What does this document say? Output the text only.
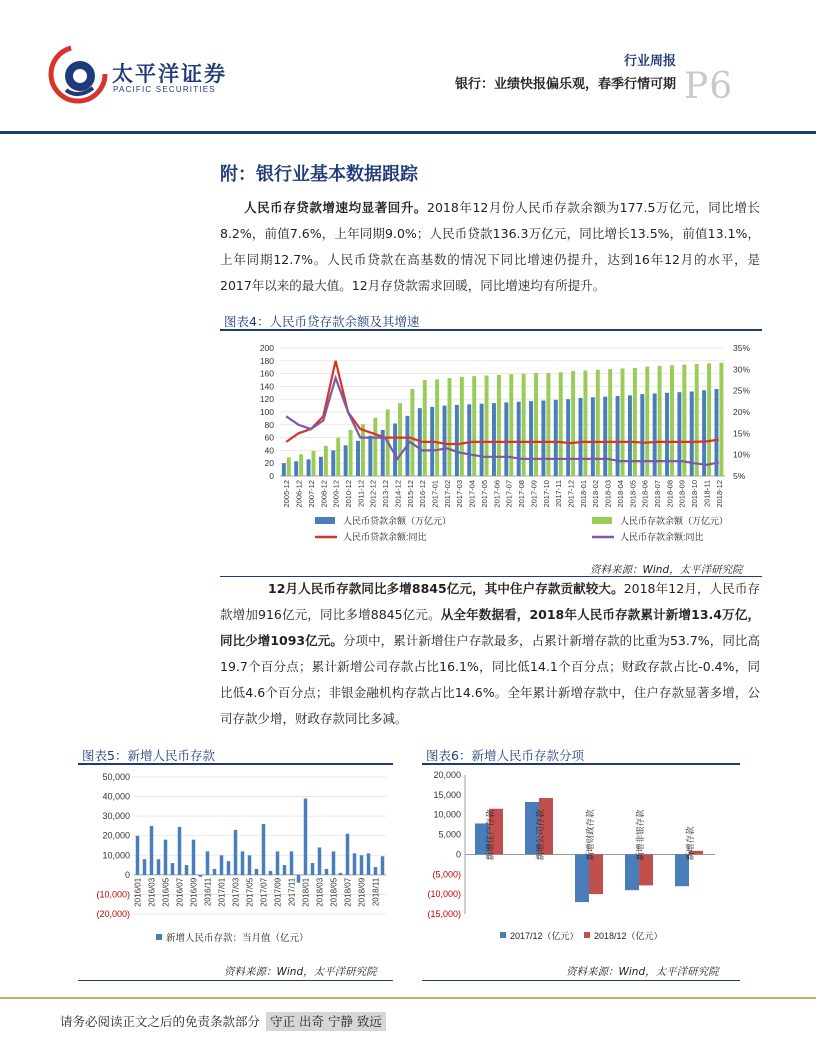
太平洋证券
PACIFIC SECURITIES
行业周报
银行：业绩快报偏乐观，春季行情可期 P6
附：银行业基本数据跟踪
人民币存贷款增速均显著回升。2018年12月份人民币存款余额为177.5万亿元，同比增长8.2%，前值7.6%，上年同期9.0%；人民币贷款136.3万亿元，同比增长13.5%，前值13.1%，上年同期12.7%。人民币贷款在高基数的情况下同比增速仍提升，达到16年12月的水平，是2017年以来的最大值。12月存贷款需求回暖，同比增速均有所提升。
图表4：人民币贷存款余额及其增速
0
20
40
60
80
100
120
140
160
180
200
5%
10%
15%
20%
25%
30%
35%
2005-12 2006-12 2007-12 2008-12 2009-12 2010-12 2011-12 2012-12 2013-12 2014-12 2015-12 2016-12 2017-01 2017-02 2017-03 2017-04 2017-05 2017-06 2017-07 2017-08 2017-09 2017-10 2017-11 2017-12 2018-01 2018-02 2018-03 2018-04 2018-05 2018-06 2018-07 2018-08 2018-09 2018-10 2018-11 2018-12
人民币贷款余额（万亿元）	人民币存款余额（万亿元）
人民币贷款余额:同比	人民币存款余额:同比
资料来源：Wind，太平洋研究院
12月人民币存款同比多增8845亿元，其中住户存款贡献较大。2018年12月，人民币存款增加916亿元，同比多增8845亿元。从全年数据看，2018年人民币存款累计新增13.4万亿，同比少增1093亿元。分项中，累计新增住户存款最多，占累计新增存款的比重为53.7%，同比高19.7个百分点；累计新增公司存款占比16.1%，同比低14.1个百分点；财政存款占比-0.4%，同比低4.6个百分点；非银金融机构存款占比14.6%。全年累计新增存款中，住户存款显著多增，公司存款少增，财政存款同比多减。
图表5：新增人民币存款
(20,000)
(10,000)
0
10,000
20,000
30,000
40,000
50,000
2016/01 2016/03 2016/05 2016/07 2016/09 2016/11 2017/01 2017/03 2017/05 2017/07 2017/09 2017/11 2018/01 2018/03 2018/05 2018/07 2018/09 2018/11
新增人民币存款：当月值（亿元）
资料来源：Wind，太平洋研究院
图表6：新增人民币存款分项
(15,000)
(10,000)
(5,000)
0
5,000
10,000
15,000
20,000
新增住户存款	新增公司存款	新增财政存款	新增非银存款	新增存款
2017/12（亿元） 2018/12（亿元）
资料来源：Wind，太平洋研究院
请务必阅读正文之后的免责条款部分 守正 出奇 宁静 致远
